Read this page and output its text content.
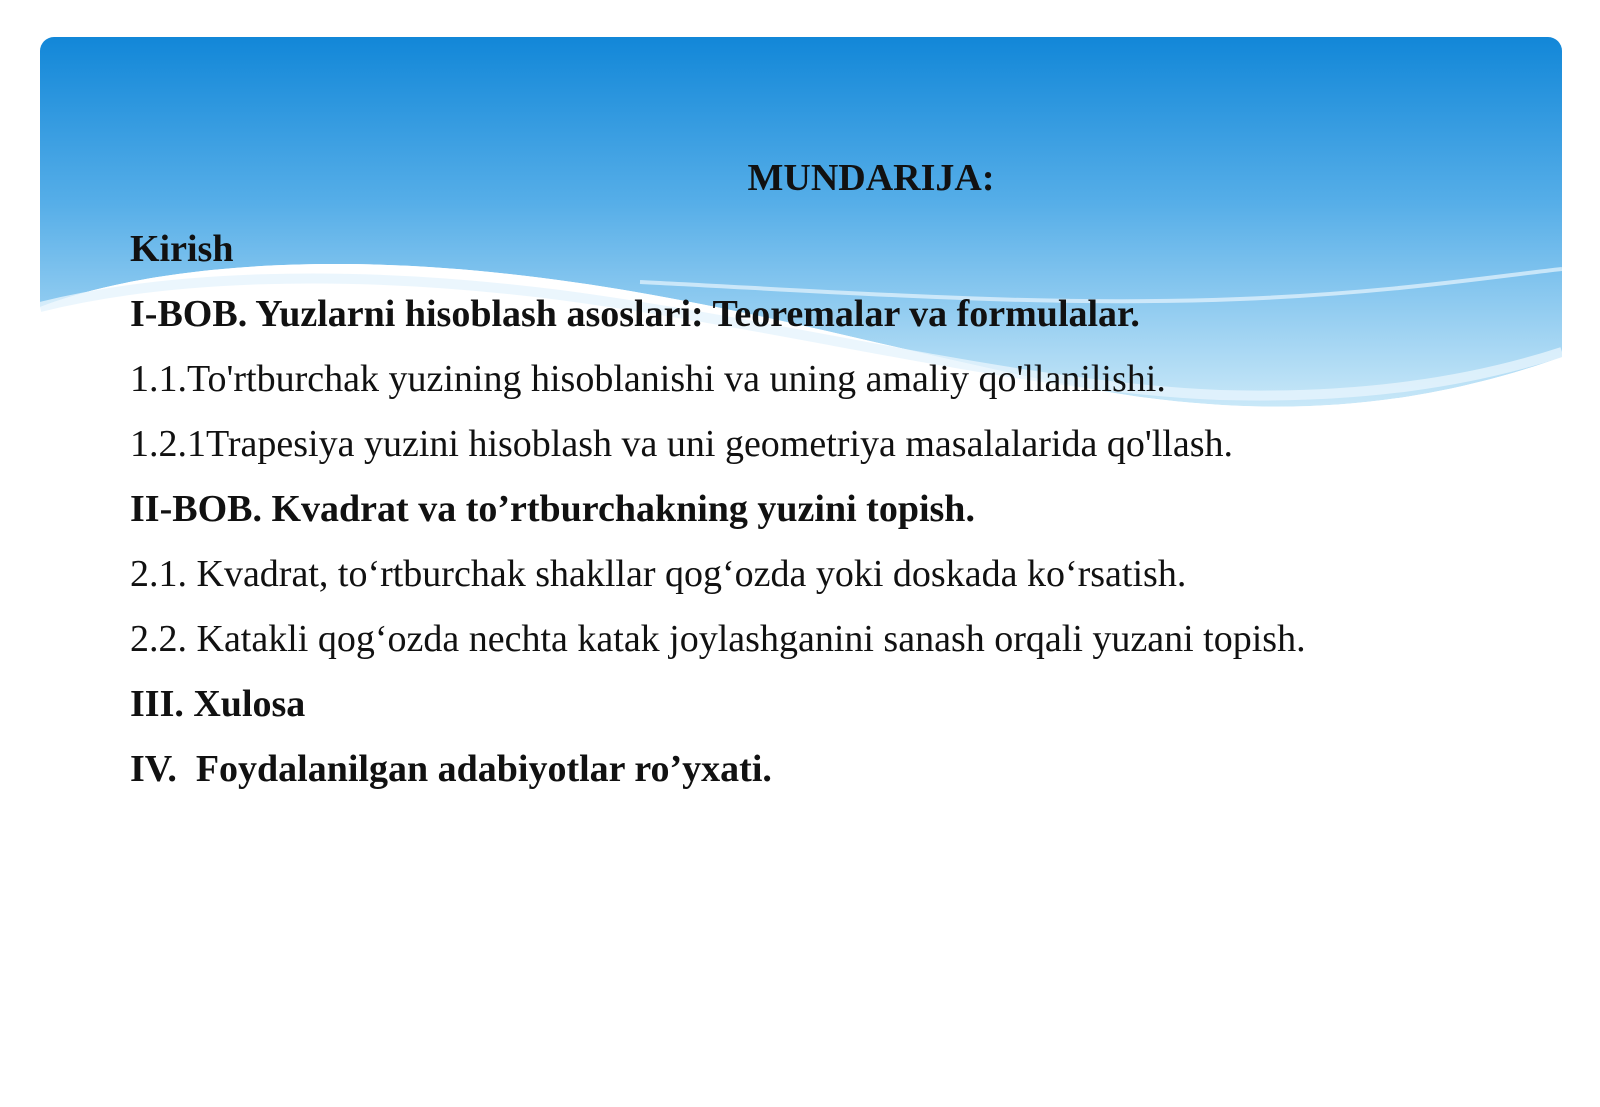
MUNDARIJA:
Kirish
I-BOB. Yuzlarni hisoblash asoslari: Teoremalar va formulalar.
1.1.To'rtburchak yuzining hisoblanishi va uning amaliy qo'llanilishi.
1.2.1Trapesiya yuzini hisoblash va uni geometriya masalalarida qo'llash.
II-BOB. Kvadrat va to’rtburchakning yuzini topish.
2.1. Kvadrat, to‘rtburchak shakllar qog‘ozda yoki doskada ko‘rsatish.
2.2. Katakli qog‘ozda nechta katak joylashganini sanash orqali yuzani topish.
III. Xulosa
IV.  Foydalanilgan adabiyotlar ro’yxati.
